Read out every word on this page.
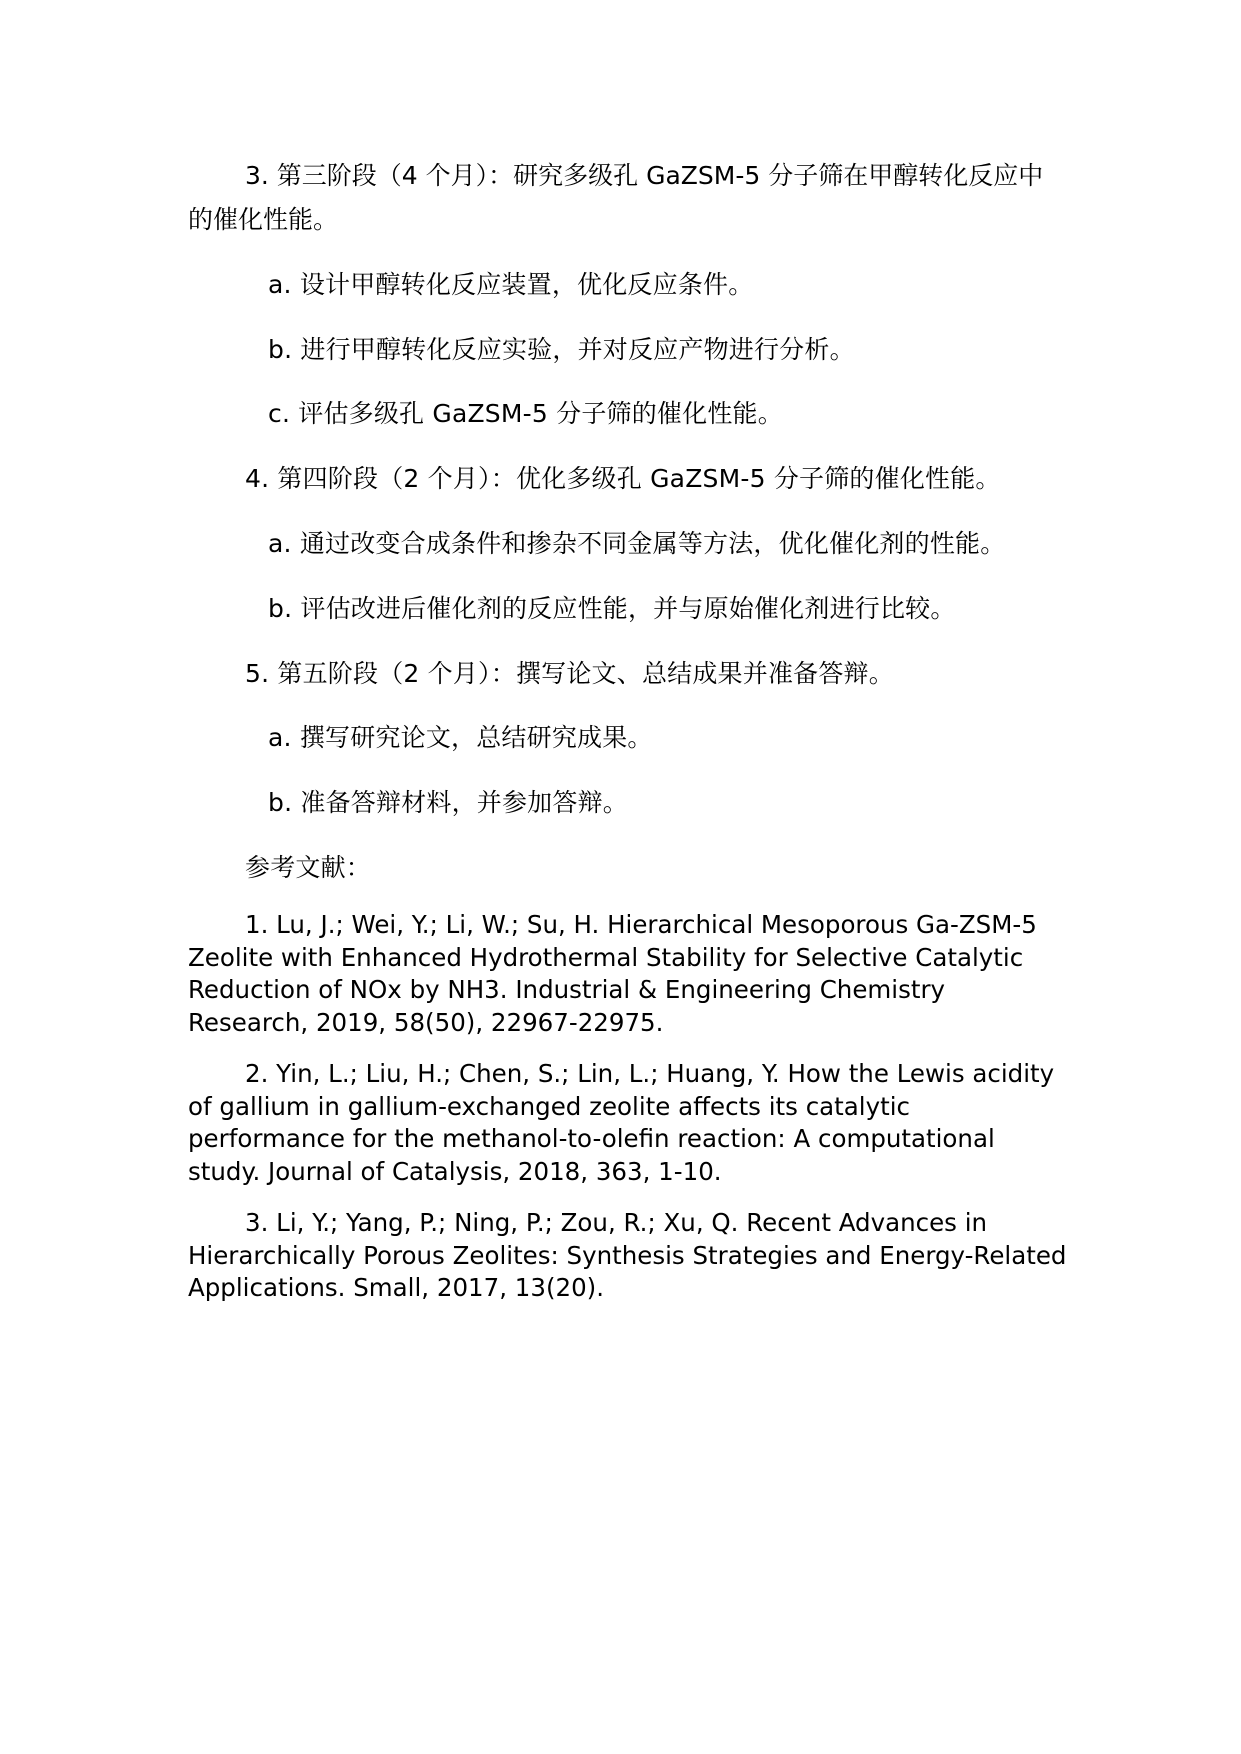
3. 第三阶段（4 个月）：研究多级孔 GaZSM-5 分子筛在甲醇转化反应中的催化性能。
a. 设计甲醇转化反应装置，优化反应条件。
b. 进行甲醇转化反应实验，并对反应产物进行分析。
c. 评估多级孔 GaZSM-5 分子筛的催化性能。
4. 第四阶段（2 个月）：优化多级孔 GaZSM-5 分子筛的催化性能。
a. 通过改变合成条件和掺杂不同金属等方法，优化催化剂的性能。
b. 评估改进后催化剂的反应性能，并与原始催化剂进行比较。
5. 第五阶段（2 个月）：撰写论文、总结成果并准备答辩。
a. 撰写研究论文，总结研究成果。
b. 准备答辩材料，并参加答辩。
参考文献：
1. Lu, J.; Wei, Y.; Li, W.; Su, H. Hierarchical Mesoporous Ga-ZSM-5 Zeolite with Enhanced Hydrothermal Stability for Selective Catalytic Reduction of NOx by NH3. Industrial & Engineering Chemistry Research, 2019, 58(50), 22967-22975.
2. Yin, L.; Liu, H.; Chen, S.; Lin, L.; Huang, Y. How the Lewis acidity of gallium in gallium-exchanged zeolite affects its catalytic performance for the methanol-to-olefin reaction: A computational study. Journal of Catalysis, 2018, 363, 1-10.
3. Li, Y.; Yang, P.; Ning, P.; Zou, R.; Xu, Q. Recent Advances in Hierarchically Porous Zeolites: Synthesis Strategies and Energy-Related Applications. Small, 2017, 13(20).
